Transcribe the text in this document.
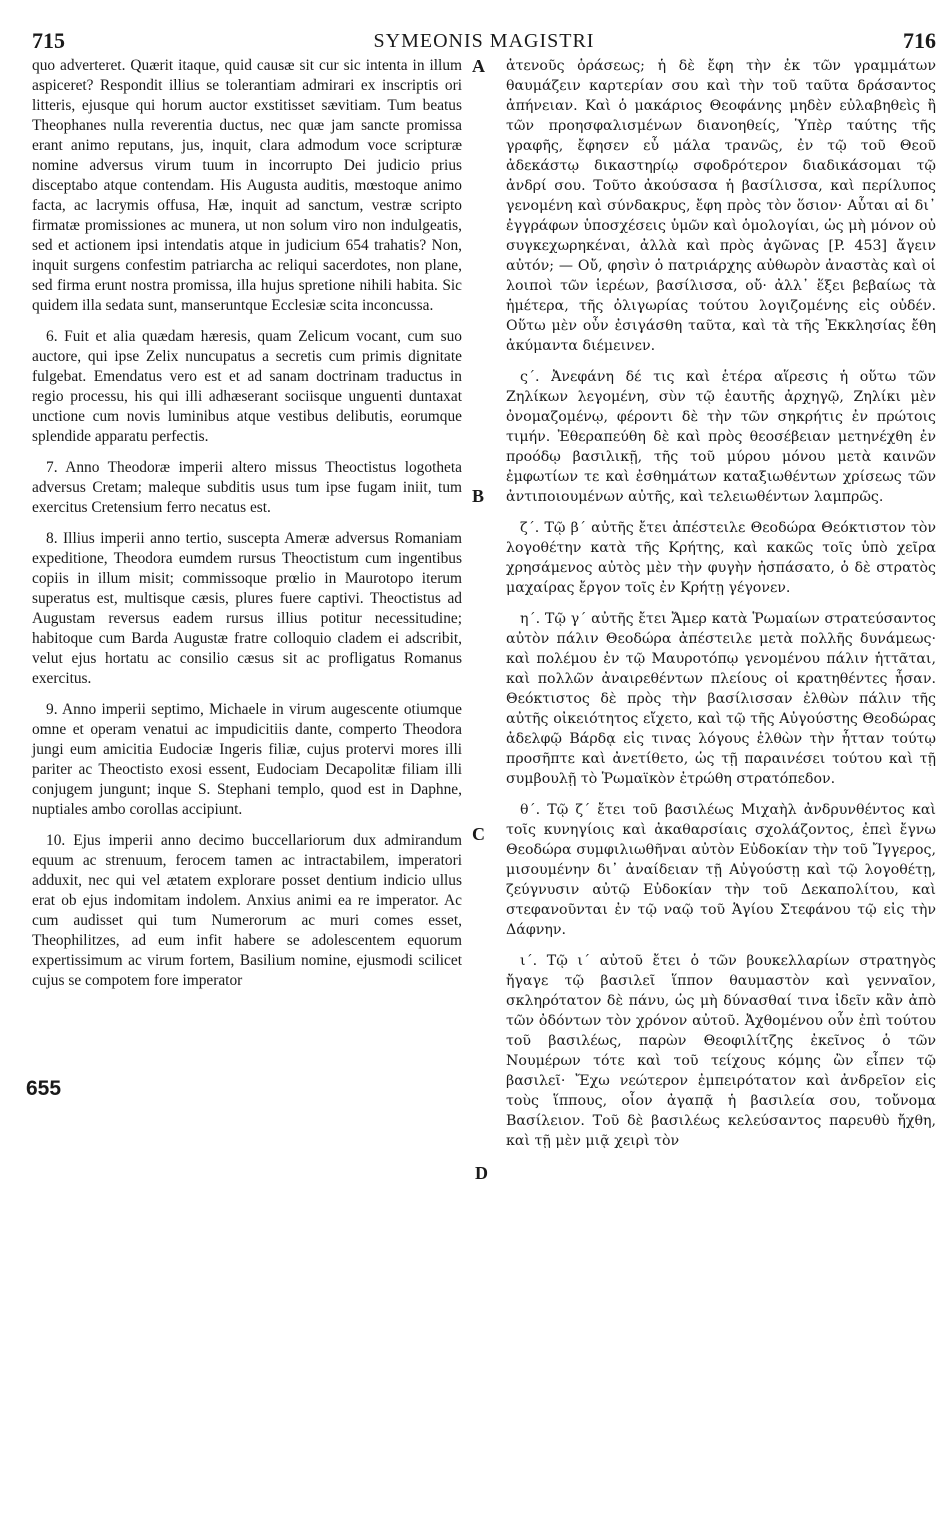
715	SYMEONIS MAGISTRI	716

quo adverteret. Quærit itaque, quid causæ sit cur sic intenta in illum aspiceret? Respondit illius se tolerantiam admirari ex inscriptis ori litteris, ejusque qui horum auctor exstitisset sævitiam. Tum beatus Theophanes nulla reverentia ductus, nec quæ jam sancte promissa erant animo reputans, jus, inquit, clara admodum voce scripturæ nomine adversus virum tuum in incorrupto Dei judicio prius disceptabo atque contendam. His Augusta auditis, mœstoque animo facta, ac lacrymis offusa, Hæ, inquit ad sanctum, vestræ scripto firmatæ promissiones ac munera, ut non solum viro non indulgeatis, sed et actionem ipsi intendatis atque in judicium 654 trahatis? Non, inquit surgens confestim patriarcha ac reliqui sacerdotes, non plane, sed firma erunt nostra promissa, illa hujus spretione nihili habita. Sic quidem illa sedata sunt, manseruntque Ecclesiæ scita inconcussa.

6. Fuit et alia quædam hæresis, quam Zelicum vocant, cum suo auctore, qui ipse Zelix nuncupatus a secretis cum primis dignitate fulgebat. Emendatus vero est et ad sanam doctrinam traductus in regio processu, his qui illi adhæserant sociisque unguenti duntaxat unctione cum novis luminibus atque vestibus delibutis, eorumque splendide apparatu perfectis.

7. Anno Theodoræ imperii altero missus Theoctistus logotheta adversus Cretam; maleque subditis usus tum ipse fugam iniit, tum exercitus Cretensium ferro necatus est.

8. Illius imperii anno tertio, suscepta Ameræ adversus Romaniam expeditione, Theodora eumdem rursus Theoctistum cum ingentibus copiis in illum misit; commissoque prœlio in Maurotopo iterum superatus est, multisque cæsis, plures fuere captivi. Theoctistus ad Augustam reversus eadem rursus illius potitur necessitudine; habitoque cum Barda Augustæ fratre colloquio cladem ei adscribit, velut ejus hortatu ac consilio cæsus sit ac profligatus Romanus exercitus.

9. Anno imperii septimo, Michaele in virum augescente otiumque omne et operam venatui ac impudicitiis dante, comperto Theodora jungi eum amicitia Eudociæ Ingeris filiæ, cujus protervi mores illi pariter ac Theoctisto exosi essent, Eudociam Decapolitæ filiam illi conjugem jungunt; inque S. Stephani templo, quod est in Daphne, nuptiales ambo corollas accipiunt.

10. Ejus imperii anno decimo buccellariorum dux admirandum equum ac strenuum, ferocem tamen ac intractabilem, imperatori adduxit, nec qui vel ætatem explorare posset dentium indicio ullus erat ob ejus indomitam indolem. Anxius animi ea re imperator. Ac cum audisset qui tum Numerorum ac muri comes esset, Theophilitzes, ad eum infit habere se adolescentem equorum expertissimum ac virum fortem, Basilium nomine, ejusmodi scilicet cujus se compotem fore imperator

A
B
C
D
655

ἀτενοῦς ὁράσεως; ἡ δὲ ἔφη τὴν ἐκ τῶν γραμμάτων θαυμάζειν καρτερίαν σου καὶ τὴν τοῦ ταῦτα δράσαντος ἀπήνειαν. Καὶ ὁ μακάριος Θεοφάνης μηδὲν εὐλαβηθεὶς ἢ τῶν προησφαλισμένων διανοηθείς, Ὑπὲρ ταύτης τῆς γραφῆς, ἔφησεν εὖ μάλα τρανῶς, ἐν τῷ τοῦ Θεοῦ ἀδεκάστῳ δικαστηρίῳ σφοδρότερον διαδικάσομαι τῷ ἀνδρί σου. Τοῦτο ἀκούσασα ἡ βασίλισσα, καὶ περίλυπος γενομένη καὶ σύνδακρυς, ἔφη πρὸς τὸν ὅσιον· Αὗται αἱ δι᾽ ἐγγράφων ὑποσχέσεις ὑμῶν καὶ ὁμολογίαι, ὡς μὴ μόνον οὐ συγκεχωρηκέναι, ἀλλὰ καὶ πρὸς ἀγῶνας [P. 453] ἄγειν αὐτόν; — Οὔ, φησὶν ὁ πατριάρχης αὐθωρὸν ἀναστὰς καὶ οἱ λοιποὶ τῶν ἱερέων, βασίλισσα, οὔ· ἀλλ᾽ ἕξει βεβαίως τὰ ἡμέτερα, τῆς ὀλιγωρίας τούτου λογιζομένης εἰς οὐδέν. Οὕτω μὲν οὖν ἐσιγάσθη ταῦτα, καὶ τὰ τῆς Ἐκκλησίας ἔθη ἀκύμαντα διέμεινεν.

ς΄. Ἀνεφάνη δέ τις καὶ ἑτέρα αἵρεσις ἡ οὕτω τῶν Ζηλίκων λεγομένη, σὺν τῷ ἑαυτῆς ἀρχηγῷ, Ζηλίκι μὲν ὀνομαζομένῳ, φέροντι δὲ τὴν τῶν σηκρήτις ἐν πρώτοις τιμήν. Ἐθεραπεύθη δὲ καὶ πρὸς θεοσέβειαν μετηνέχθη ἐν προόδῳ βασιλικῇ, τῆς τοῦ μύρου μόνου μετὰ καινῶν ἐμφωτίων τε καὶ ἐσθημάτων καταξιωθέντων χρίσεως τῶν ἀντιποιουμένων αὐτῆς, καὶ τελειωθέντων λαμπρῶς.

ζ΄. Τῷ β΄ αὐτῆς ἔτει ἀπέστειλε Θεοδώρα Θεόκτιστον τὸν λογοθέτην κατὰ τῆς Κρήτης, καὶ κακῶς τοῖς ὑπὸ χεῖρα χρησάμενος αὐτὸς μὲν τὴν φυγὴν ἠσπάσατο, ὁ δὲ στρατὸς μαχαίρας ἔργον τοῖς ἐν Κρήτῃ γέγονεν.

η΄. Τῷ γ΄ αὐτῆς ἔτει Ἄμερ κατὰ Ῥωμαίων στρατεύσαντος αὐτὸν πάλιν Θεοδώρα ἀπέστειλε μετὰ πολλῆς δυνάμεως· καὶ πολέμου ἐν τῷ Μαυροτόπῳ γενομένου πάλιν ἡττᾶται, καὶ πολλῶν ἀναιρεθέντων πλείους οἱ κρατηθέντες ἦσαν. Θεόκτιστος δὲ πρὸς τὴν βασίλισσαν ἐλθὼν πάλιν τῆς αὐτῆς οἰκειότητος εἴχετο, καὶ τῷ τῆς Αὐγούστης Θεοδώρας ἀδελφῷ Βάρδᾳ εἰς τινας λόγους ἐλθὼν τὴν ἧτταν τούτῳ προσῆπτε καὶ ἀνετίθετο, ὡς τῇ παραινέσει τούτου καὶ τῇ συμβουλῇ τὸ Ῥωμαϊκὸν ἐτρώθη στρατόπεδον.

θ΄. Τῷ ζ΄ ἔτει τοῦ βασιλέως Μιχαὴλ ἀνδρυνθέντος καὶ τοῖς κυνηγίοις καὶ ἀκαθαρσίαις σχολάζοντος, ἐπεὶ ἔγνω Θεοδώρα συμφιλιωθῆναι αὐτὸν Εὐδοκίαν τὴν τοῦ Ἴγγερος, μισουμένην δι᾽ ἀναίδειαν τῇ Αὐγούστῃ καὶ τῷ λογοθέτῃ, ζεύγνυσιν αὐτῷ Εὐδοκίαν τὴν τοῦ Δεκαπολίτου, καὶ στεφανοῦνται ἐν τῷ ναῷ τοῦ Ἁγίου Στεφάνου τῷ εἰς τὴν Δάφνην.

ι΄. Τῷ ι΄ αὐτοῦ ἔτει ὁ τῶν βουκελλαρίων στρατηγὸς ἤγαγε τῷ βασιλεῖ ἵππον θαυμαστὸν καὶ γενναῖον, σκληρότατον δὲ πάνυ, ὡς μὴ δύνασθαί τινα ἰδεῖν κἂν ἀπὸ τῶν ὀδόντων τὸν χρόνον αὐτοῦ. Ἀχθομένου οὖν ἐπὶ τούτου τοῦ βασιλέως, παρὼν Θεοφιλίτζης ἐκεῖνος ὁ τῶν Νουμέρων τότε καὶ τοῦ τείχους κόμης ὢν εἶπεν τῷ βασιλεῖ· Ἔχω νεώτερον ἐμπειρότατον καὶ ἀνδρεῖον εἰς τοὺς ἵππους, οἷον ἀγαπᾷ ἡ βασιλεία σου, τοὔνομα Βασίλειον. Τοῦ δὲ βασιλέως κελεύσαντος παρευθὺ ἤχθη, καὶ τῇ μὲν μιᾷ χειρὶ τὸν
